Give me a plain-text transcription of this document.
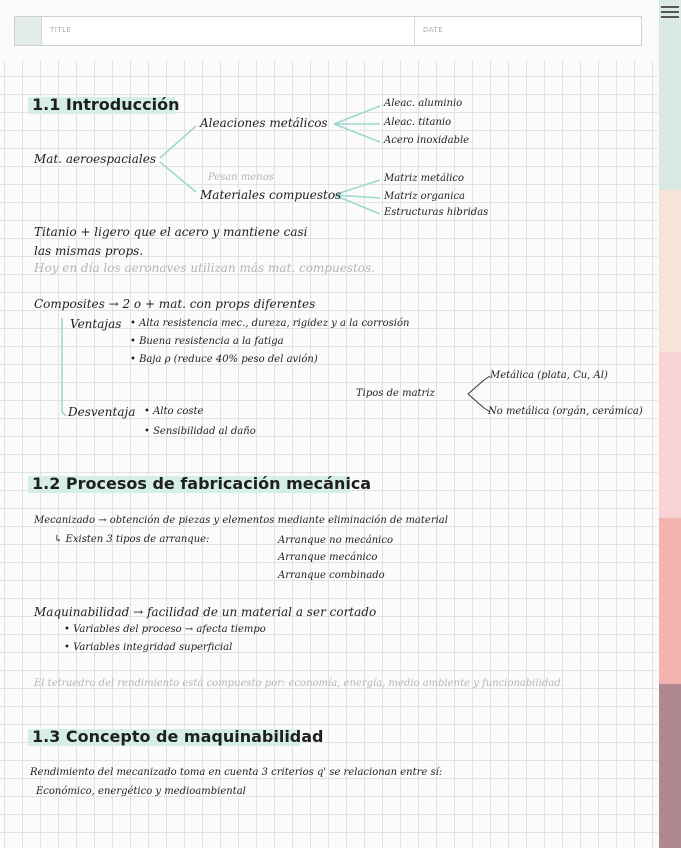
TITLE	DATE
1.1 Introducción
Mat. aeroespaciales
Aleaciones metálicos
Aleac. aluminio
Aleac. titanio
Acero inoxidable
Pesan menos
Materiales compuestos
Matriz metálico
Matriz organica
Estructuras hibridas
Titanio + ligero que el acero y mantiene casi
las mismas props.
Hoy en día los aeronaves utilizan más mat. compuestos.
Composites → 2 o + mat. con props diferentes
Ventajas • Alta resistencia mec., dureza, rigidez y a la corrosión
• Buena resistencia a la fatiga
• Baja ρ (reduce 40% peso del avión)
Tipos de matriz
Metálica (plata, Cu, Al)
No metálica (orgán, cerámica)
Desventaja • Alto coste
• Sensibilidad al daño
1.2 Procesos de fabricación mecánica
Mecanizado → obtención de piezas y elementos mediante eliminación de material
↳ Existen 3 tipos de arranque:	Arranque no mecánico
Arranque mecánico
Arranque combinado
Maquinabilidad → facilidad de un material a ser cortado
• Variables del proceso → afecta tiempo
• Variables integridad superficial
El tetraedro del rendimiento está compuesto por: economía, energía, medio ambiente y funcionabilidad.
1.3 Concepto de maquinabilidad
Rendimiento del mecanizado toma en cuenta 3 criterios q' se relacionan entre sí:
Económico, energético y medioambiental
